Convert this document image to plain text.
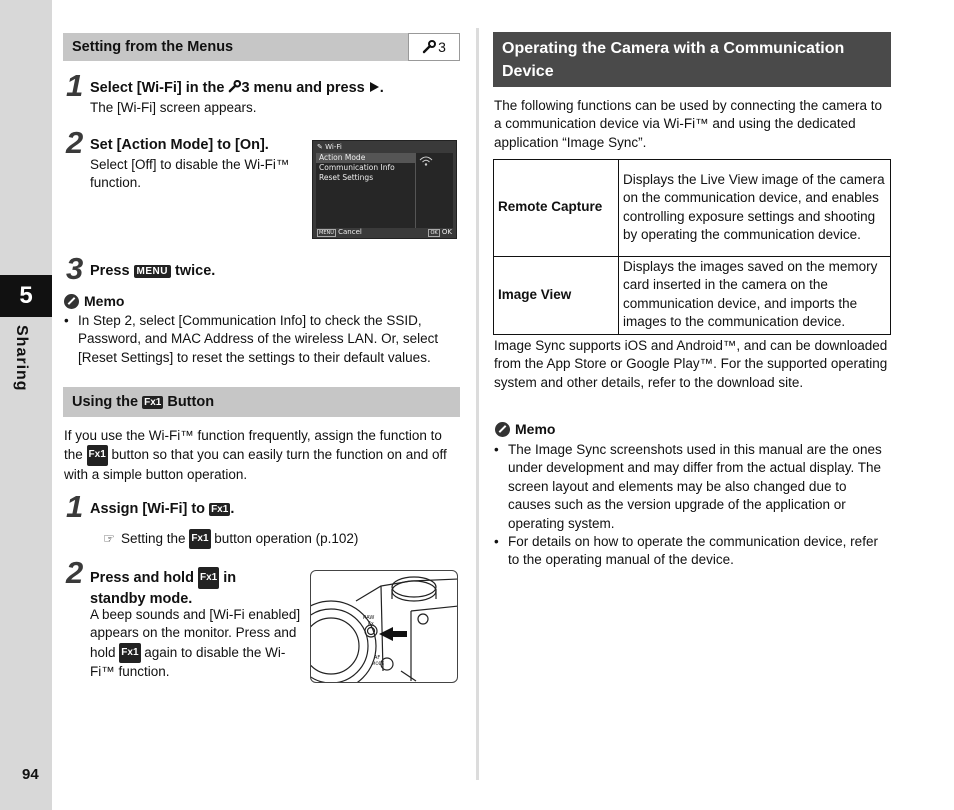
5
Sharing
94
Setting from the Menus	3
1 Select [Wi-Fi] in the 3 menu and press .
The [Wi-Fi] screen appears.
2 Set [Action Mode] to [On].
Select [Off] to disable the Wi-Fi™ function.
✎ Wi-Fi
Action Mode
Communication Info
Reset Settings
MENU Cancel	OK OK
3 Press MENU twice.
Memo
• In Step 2, select [Communication Info] to check the SSID, Password, and MAC Address of the wireless LAN. Or, select [Reset Settings] to reset the settings to their default values.
Using the Fx1 Button
If you use the Wi-Fi™ function frequently, assign the function to the Fx1 button so that you can easily turn the function on and off with a simple button operation.
1 Assign [Wi-Fi] to Fx1 .
☞ Setting the Fx1 button operation (p.102)
2 Press and hold Fx1 in standby mode.
A beep sounds and [Wi-Fi enabled] appears on the monitor. Press and hold Fx1 again to disable the Wi-Fi™ function.
RAW
Fx
AF
MODE
Operating the Camera with a Communication Device
The following functions can be used by connecting the camera to a communication device via Wi-Fi™ and using the dedicated application “Image Sync”.
Remote Capture	Displays the Live View image of the camera on the communication device, and enables controlling exposure settings and shooting by operating the communication device.
Image View	Displays the images saved on the memory card inserted in the camera on the communication device, and imports the images to the communication device.
Image Sync supports iOS and Android™, and can be downloaded from the App Store or Google Play™. For the supported operating system and other details, refer to the download site.
Memo
• The Image Sync screenshots used in this manual are the ones under development and may differ from the actual display. The screen layout and elements may be also changed due to causes such as the version upgrade of the application or operating system.
• For details on how to operate the communication device, refer to the operating manual of the device.
